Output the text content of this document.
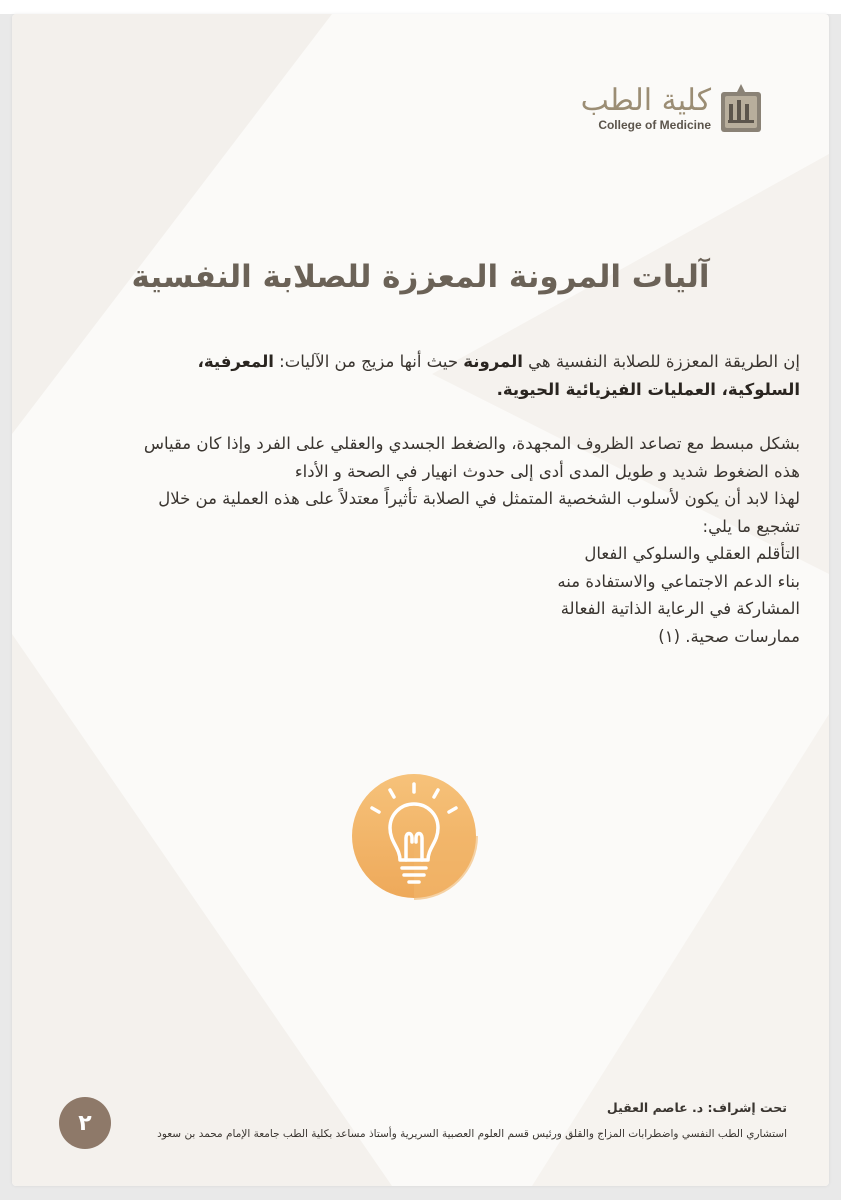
كلية الطب
College of Medicine
آليات المرونة المعززة للصلابة النفسية

إن الطريقة المعززة للصلابة النفسية هي المرونة حيث أنها مزيج من الآليات: المعرفية، السلوكية، العمليات الفيزيائية الحيوية.

بشكل مبسط مع تصاعد الظروف المجهدة، والضغط الجسدي والعقلي على الفرد وإذا كان مقياس هذه الضغوط شديد و طويل المدى أدى إلى حدوث انهيار في الصحة و الأداء

لهذا لابد أن يكون لأسلوب الشخصية المتمثل في الصلابة تأثيراً معتدلاً على هذه العملية من خلال تشجيع ما يلي:

التأقلم العقلي والسلوكي الفعال

بناء الدعم الاجتماعي والاستفادة منه

المشاركة في الرعاية الذاتية الفعالة

ممارسات صحية. (١)

تحت إشراف: د. عاصم العقيل
استشاري الطب النفسي واضطرابات المزاج والقلق ورئيس قسم العلوم العصبية السريرية وأستاذ مساعد بكلية الطب جامعة الإمام محمد بن سعود
٢
